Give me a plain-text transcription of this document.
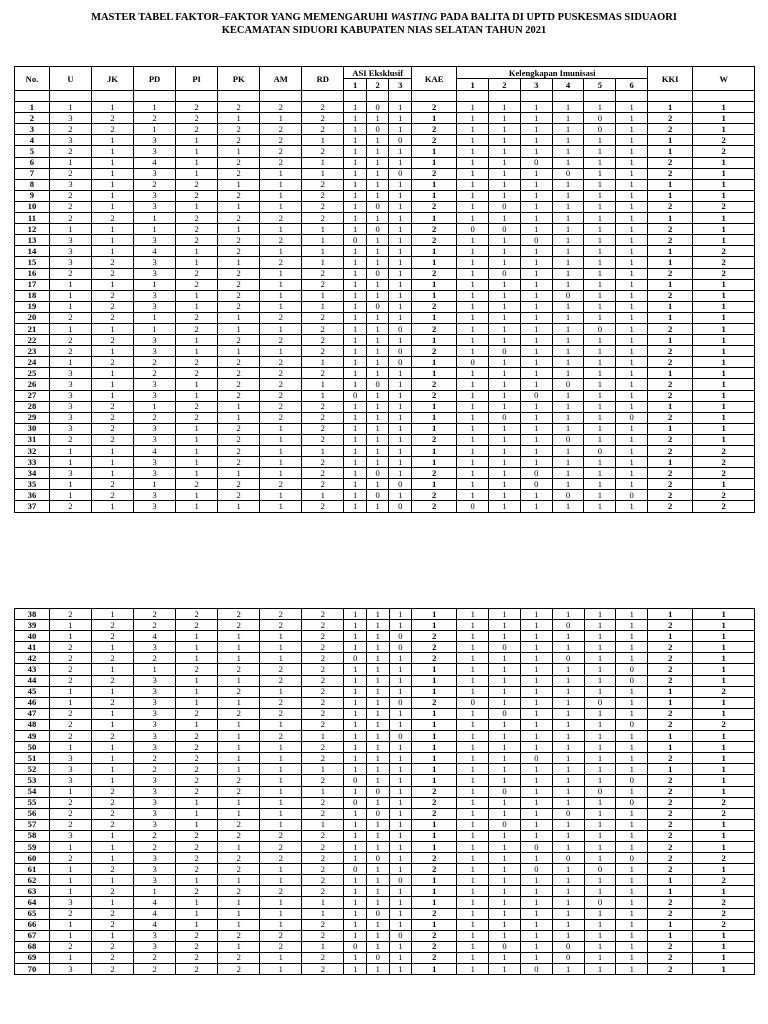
MASTER TABEL FAKTOR–FAKTOR YANG MEMENGARUHI WASTING PADA BALITA DI UPTD PUSKESMAS SIDUAORI
KECAMATAN SIDUORI KABUPATEN NIAS SELATAN TAHUN 2021
No.	U	JK	PD	PI	PK	AM	RD	ASI Eksklusif			KAE	Kelengkapan Imunisasi						KKI	W
								1	2	3		1	2	3	4	5	6		

1	1	1	1	2	2	2	2	1	0	1	2	1	1	1	1	1	1	1	1
2	3	2	2	2	1	1	2	1	1	1	1	1	1	1	1	0	1	2	1
3	2	2	1	2	2	2	2	1	0	1	2	1	1	1	1	0	1	2	1
4	3	1	3	1	2	2	1	1	1	0	2	1	1	1	1	1	1	1	2
5	2	1	3	1	1	2	2	1	1	1	1	1	1	1	1	1	1	1	2
6	1	1	4	1	2	2	1	1	1	1	1	1	1	0	1	1	1	2	1
7	2	1	3	1	2	1	1	1	1	0	2	1	1	1	0	1	1	2	1
8	3	1	2	2	1	1	2	1	1	1	1	1	1	1	1	1	1	1	1
9	2	1	3	2	2	1	2	1	1	1	1	1	1	1	1	1	1	1	1
10	2	1	3	1	1	1	2	1	0	1	2	1	0	1	1	1	1	2	2
11	2	2	1	2	2	2	2	1	1	1	1	1	1	1	1	1	1	1	1
12	1	1	1	2	1	1	1	1	0	1	2	0	0	1	1	1	1	2	1
13	3	1	3	2	2	2	1	0	1	1	2	1	1	0	1	1	1	2	1
14	3	1	4	1	2	1	1	1	1	1	1	1	1	1	1	1	1	1	2
15	3	2	3	1	1	2	1	1	1	1	1	1	1	1	1	1	1	1	2
16	2	2	3	2	2	1	2	1	0	1	2	1	0	1	1	1	1	2	2
17	1	1	1	2	2	1	2	1	1	1	1	1	1	1	1	1	1	1	1
18	1	2	3	1	2	1	1	1	1	1	1	1	1	1	0	1	1	2	1
19	1	2	3	1	2	1	1	1	0	1	2	1	1	1	1	1	1	1	1
20	2	2	1	2	1	2	2	1	1	1	1	1	1	1	1	1	1	1	1
21	1	1	1	2	1	1	2	1	1	0	2	1	1	1	1	0	1	2	1
22	2	2	3	1	2	2	2	1	1	1	1	1	1	1	1	1	1	1	1
23	2	1	3	1	1	1	2	1	1	0	2	1	0	1	1	1	1	2	1
24	1	2	2	2	2	2	1	1	1	0	1	0	1	1	1	1	1	2	1
25	3	1	2	2	2	2	2	1	1	1	1	1	1	1	1	1	1	1	1
26	3	1	3	1	2	2	1	1	0	1	2	1	1	1	0	1	1	2	1
27	3	1	3	1	2	2	1	0	1	1	2	1	1	0	1	1	1	2	1
28	3	2	1	2	1	2	2	1	1	1	1	1	1	1	1	1	1	1	1
29	3	2	2	2	1	2	2	1	1	1	1	1	0	1	1	1	0	2	1
30	3	2	3	1	2	1	2	1	1	1	1	1	1	1	1	1	1	1	1
31	2	2	3	1	2	1	2	1	1	1	2	1	1	1	0	1	1	2	1
32	1	1	4	1	2	1	1	1	1	1	1	1	1	1	1	0	1	2	2
33	1	1	3	1	2	1	2	1	1	1	1	1	1	1	1	1	1	1	2
34	3	1	3	1	1	1	2	1	0	1	2	1	1	0	1	1	1	2	2
35	1	2	1	2	2	2	2	1	1	0	1	1	1	0	1	1	1	2	1
36	1	2	3	1	2	1	1	1	0	1	2	1	1	1	0	1	0	2	2
37	2	1	3	1	1	1	2	1	1	0	2	0	1	1	1	1	1	2	2
38	2	1	2	2	2	2	2	1	1	1	1	1	1	1	1	1	1	1	1
39	1	2	2	2	2	2	2	1	1	1	1	1	1	1	0	1	1	2	1
40	1	2	4	1	1	1	2	1	1	0	2	1	1	1	1	1	1	1	1
41	2	1	3	1	1	1	2	1	1	0	2	1	0	1	1	1	1	2	1
42	2	2	2	1	1	1	2	0	1	1	2	1	1	1	0	1	1	2	1
43	2	1	1	2	2	2	2	1	1	1	1	1	1	1	1	1	0	2	1
44	2	2	3	1	1	2	2	1	1	1	1	1	1	1	1	1	0	2	1
45	1	1	3	1	2	1	2	1	1	1	1	1	1	1	1	1	1	1	2
46	1	2	3	1	1	2	2	1	1	0	2	0	1	1	1	0	1	1	1
47	2	1	3	2	2	2	2	1	1	1	1	1	0	1	1	1	1	2	1
48	2	1	3	1	1	1	2	1	1	1	1	1	1	1	1	1	0	2	2
49	2	2	3	2	1	2	1	1	1	0	1	1	1	1	1	1	1	1	1
50	1	1	3	2	1	1	2	1	1	1	1	1	1	1	1	1	1	1	1
51	3	1	2	2	1	1	2	1	1	1	1	1	1	0	1	1	1	2	1
52	3	1	2	2	1	1	1	1	1	1	1	1	1	1	1	1	1	1	1
53	3	1	3	2	2	1	2	0	1	1	1	1	1	1	1	1	0	2	1
54	1	2	3	2	2	1	1	1	0	1	2	1	0	1	1	0	1	2	1
55	2	2	3	1	1	1	2	0	1	1	2	1	1	1	1	1	0	2	2
56	2	2	3	1	1	1	2	1	0	1	2	1	1	1	0	1	1	2	2
57	2	2	3	1	2	1	1	1	1	1	1	1	0	1	1	1	1	2	1
58	3	1	2	2	2	2	2	1	1	1	1	1	1	1	1	1	1	2	1
59	1	1	2	2	1	2	2	1	1	1	1	1	1	0	1	1	1	2	1
60	2	1	3	2	2	2	2	1	0	1	2	1	1	1	0	1	0	2	2
61	1	2	3	2	2	1	2	0	1	1	2	1	1	0	1	0	1	2	1
62	1	1	3	1	1	1	2	1	1	0	1	1	1	1	1	1	1	1	2
63	1	2	1	2	2	2	2	1	1	1	1	1	1	1	1	1	1	1	1
64	3	1	4	1	1	1	1	1	1	1	1	1	1	1	1	0	1	2	2
65	2	2	4	1	1	1	1	1	0	1	2	1	1	1	1	1	1	2	2
66	1	2	4	1	1	1	2	1	1	1	1	1	1	1	1	1	1	1	2
67	1	1	3	2	2	2	2	1	1	0	2	1	1	1	1	1	1	1	1
68	2	2	3	2	1	2	1	0	1	1	2	1	0	1	0	1	1	2	1
69	1	2	2	2	2	1	2	1	0	1	2	1	1	1	0	1	1	2	1
70	3	2	2	2	2	1	2	1	1	1	1	1	1	0	1	1	1	2	1
